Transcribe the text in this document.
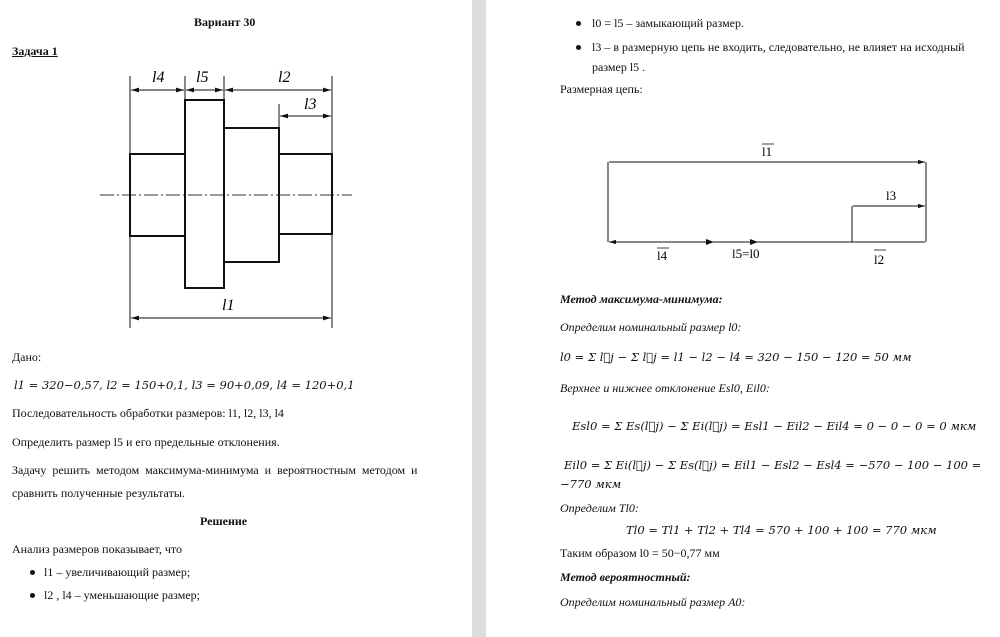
Вариант 30
Задача 1
l4 l5	l2
l3
l1
Дано:
l1 = 320−0,57, l2 = 150+0,1, l3 = 90+0,09, l4 = 120+0,1
Последовательность обработки размеров: l1, l2, l3, l4
Определить размер l5 и его предельные отклонения.
Задачу решить методом максимума-минимума и вероятностным методом и
сравнить полученные результаты.
Решение
Анализ размеров показывает, что
l1 – увеличивающий размер;
l2 , l4 – уменьшающие размер;
l0 = l5 – замыкающий размер.
l3 – в размерную цепь не входить, следовательно, не влияет на исходный
размер l5 .
Размерная цепь:
l1
l3
l4	l5=l0	l2
Метод максимума-минимума:
Определим номинальный размер l0:
l0 = Σ l⃗j − Σ l⃖j = l1 − l2 − l4 = 320 − 150 − 120 = 50 мм
Верхнее и нижнее отклонение Esl0, Eil0:
Esl0 = Σ Es(l⃗j) − Σ Ei(l⃖j) = Esl1 − Eil2 − Eil4 = 0 − 0 − 0 = 0 мкм
Eil0 = Σ Ei(l⃗j) − Σ Es(l⃖j) = Eil1 − Esl2 − Esl4 = −570 − 100 − 100 =
−770 мкм
Определим Tl0:
Tl0 = Tl1 + Tl2 + Tl4 = 570 + 100 + 100 = 770 мкм
Таким образом l0 = 50−0,77 мм
Метод вероятностный:
Определим номинальный размер A0:
